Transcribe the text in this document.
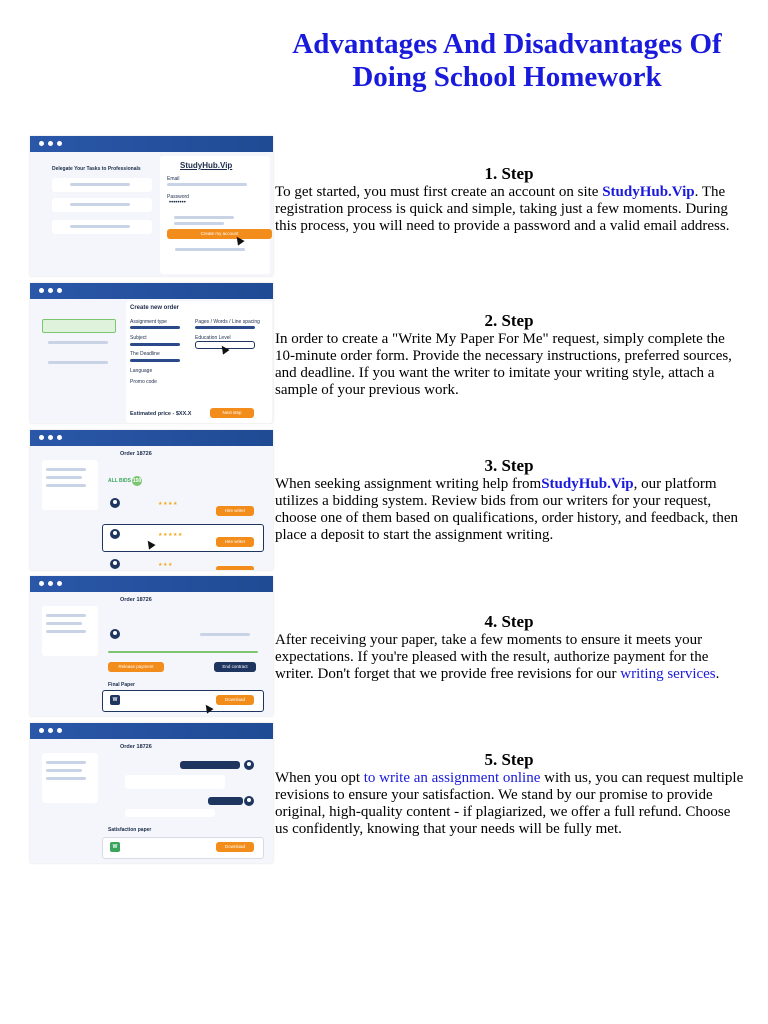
Advantages And Disadvantages Of Doing School Homework
Delegate Your Tasks to Professionals	StudyHub.Vip
Email
Password
••••••••
Create my account
1. Step

To get started, you must first create an account on site StudyHub.Vip. The registration process is quick and simple, taking just a few moments. During this process, you will need to provide a password and a valid email address.

Create new order
Assignment type	Pages / Words / Line spacing
Subject	Education Level
The Deadline
Language
Promo code
Estimated price - $XX.X	Next step
2. Step

In order to create a "Write My Paper For Me" request, simply complete the 10-minute order form. Provide the necessary instructions, preferred sources, and deadline. If you want the writer to imitate your writing style, attach a sample of your previous work.

Order 18726
ALL BIDS 150
★★★★
Hire writer
★★★★★
Hire writer
★★★
3. Step

When seeking assignment writing help fromStudyHub.Vip, our platform utilizes a bidding system. Review bids from our writers for your request, choose one of them based on qualifications, order history, and feedback, then place a deposit to start the assignment writing.

Order 18726
Release payment	End contract
Final Paper
W	Download
4. Step

After receiving your paper, take a few moments to ensure it meets your expectations. If you're pleased with the result, authorize payment for the writer. Don't forget that we provide free revisions for our writing services.

Order 18726
Satisfaction paper
W	Download
5. Step

When you opt to write an assignment online with us, you can request multiple revisions to ensure your satisfaction. We stand by our promise to provide original, high-quality content - if plagiarized, we offer a full refund. Choose us confidently, knowing that your needs will be fully met.
